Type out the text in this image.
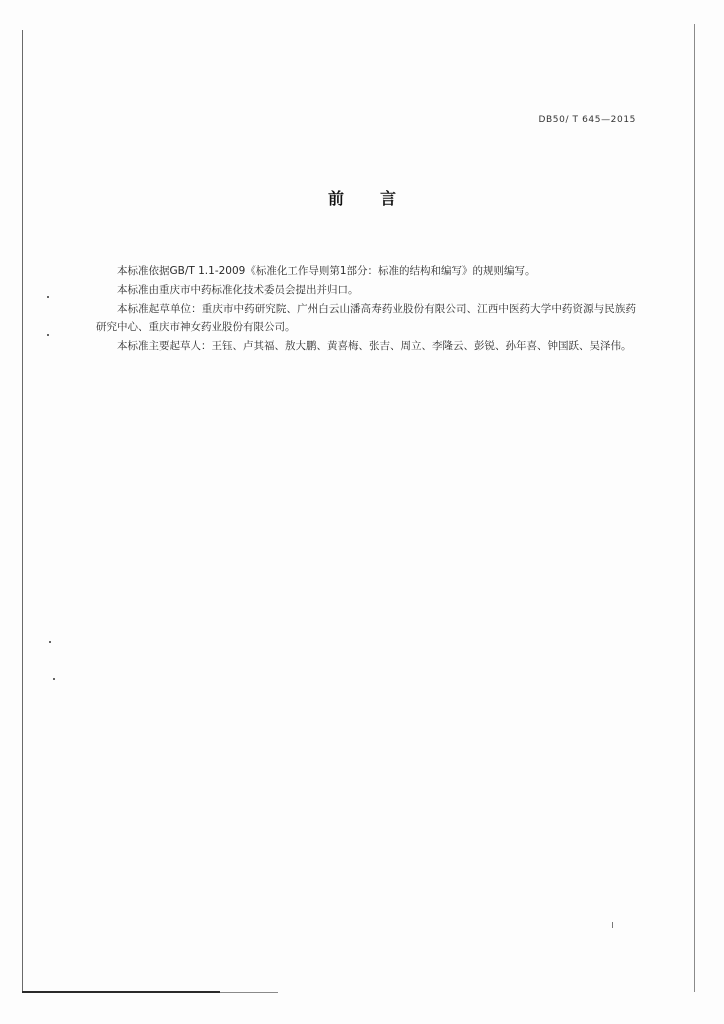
DB50/ T 645—2015
前言

本标准依据GB/T 1.1-2009《标准化工作导则第1部分：标准的结构和编写》的规则编写。

本标准由重庆市中药标准化技术委员会提出并归口。

本标准起草单位：重庆市中药研究院、广州白云山潘高寿药业股份有限公司、江西中医药大学中药资源与民族药研究中心、重庆市神女药业股份有限公司。

本标准主要起草人：王钰、卢其福、敖大鹏、黄喜梅、张吉、周立、李隆云、彭锐、孙年喜、钟国跃、吴泽伟。
